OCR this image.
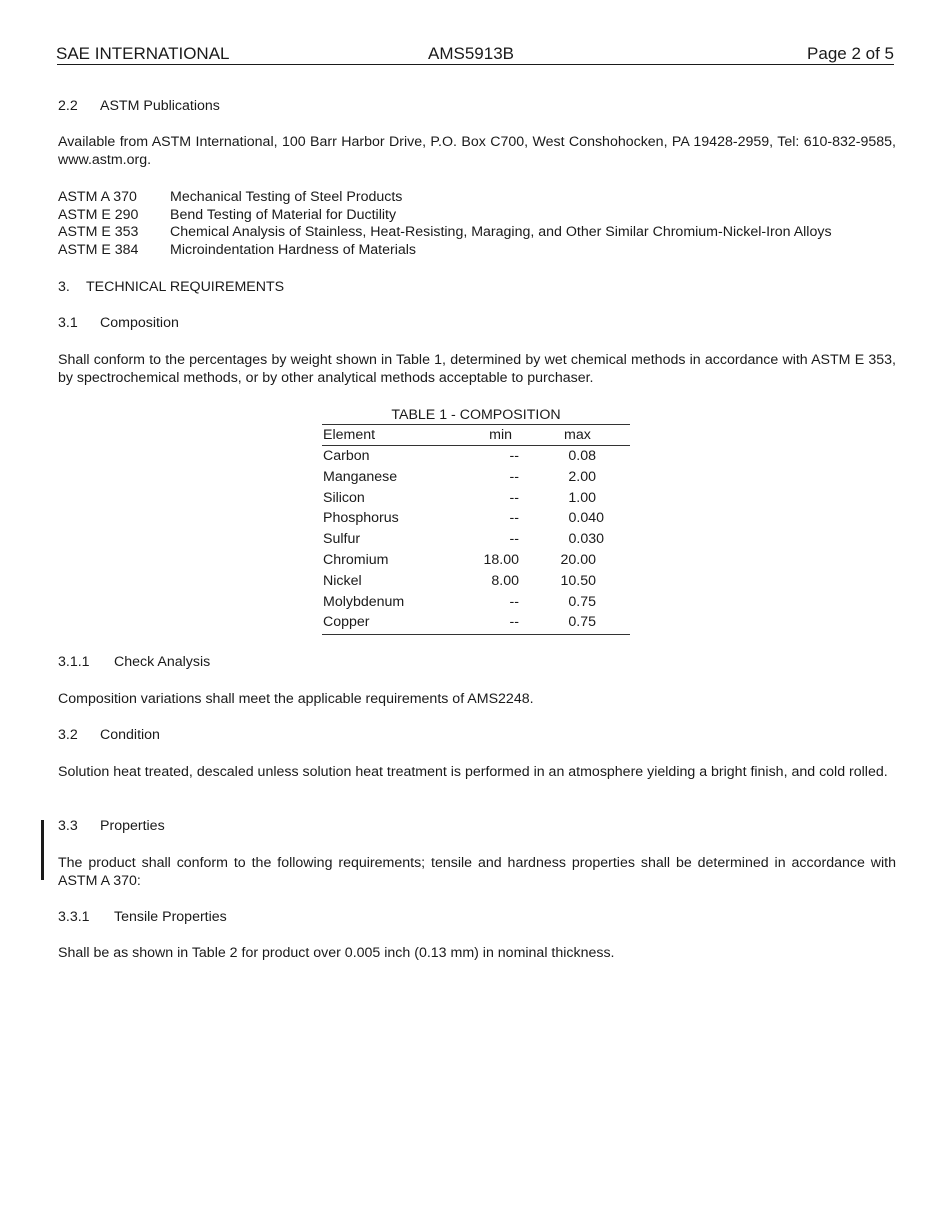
SAE INTERNATIONAL	AMS5913B	Page 2 of 5
2.2 ASTM Publications
Available from ASTM International, 100 Barr Harbor Drive, P.O. Box C700, West Conshohocken, PA 19428-2959, Tel: 610-832-9585, www.astm.org.
ASTM A 370 Mechanical Testing of Steel Products
ASTM E 290 Bend Testing of Material for Ductility
ASTM E 353 Chemical Analysis of Stainless, Heat-Resisting, Maraging, and Other Similar Chromium-Nickel-Iron Alloys
ASTM E 384 Microindentation Hardness of Materials
3. TECHNICAL REQUIREMENTS
3.1 Composition
Shall conform to the percentages by weight shown in Table 1, determined by wet chemical methods in accordance with ASTM E 353, by spectrochemical methods, or by other analytical methods acceptable to purchaser.
TABLE 1 - COMPOSITION
Element	min	max
Carbon	--	0.08
Manganese	--	2.00
Silicon	--	1.00
Phosphorus	--	0.040
Sulfur	--	0.030
Chromium	18.00	20.00
Nickel	8.00	10.50
Molybdenum	--	0.75
Copper	--	0.75
3.1.1 Check Analysis
Composition variations shall meet the applicable requirements of AMS2248.
3.2 Condition
Solution heat treated, descaled unless solution heat treatment is performed in an atmosphere yielding a bright finish, and cold rolled.
3.3 Properties
The product shall conform to the following requirements; tensile and hardness properties shall be determined in accordance with ASTM A 370:
3.3.1 Tensile Properties
Shall be as shown in Table 2 for product over 0.005 inch (0.13 mm) in nominal thickness.
